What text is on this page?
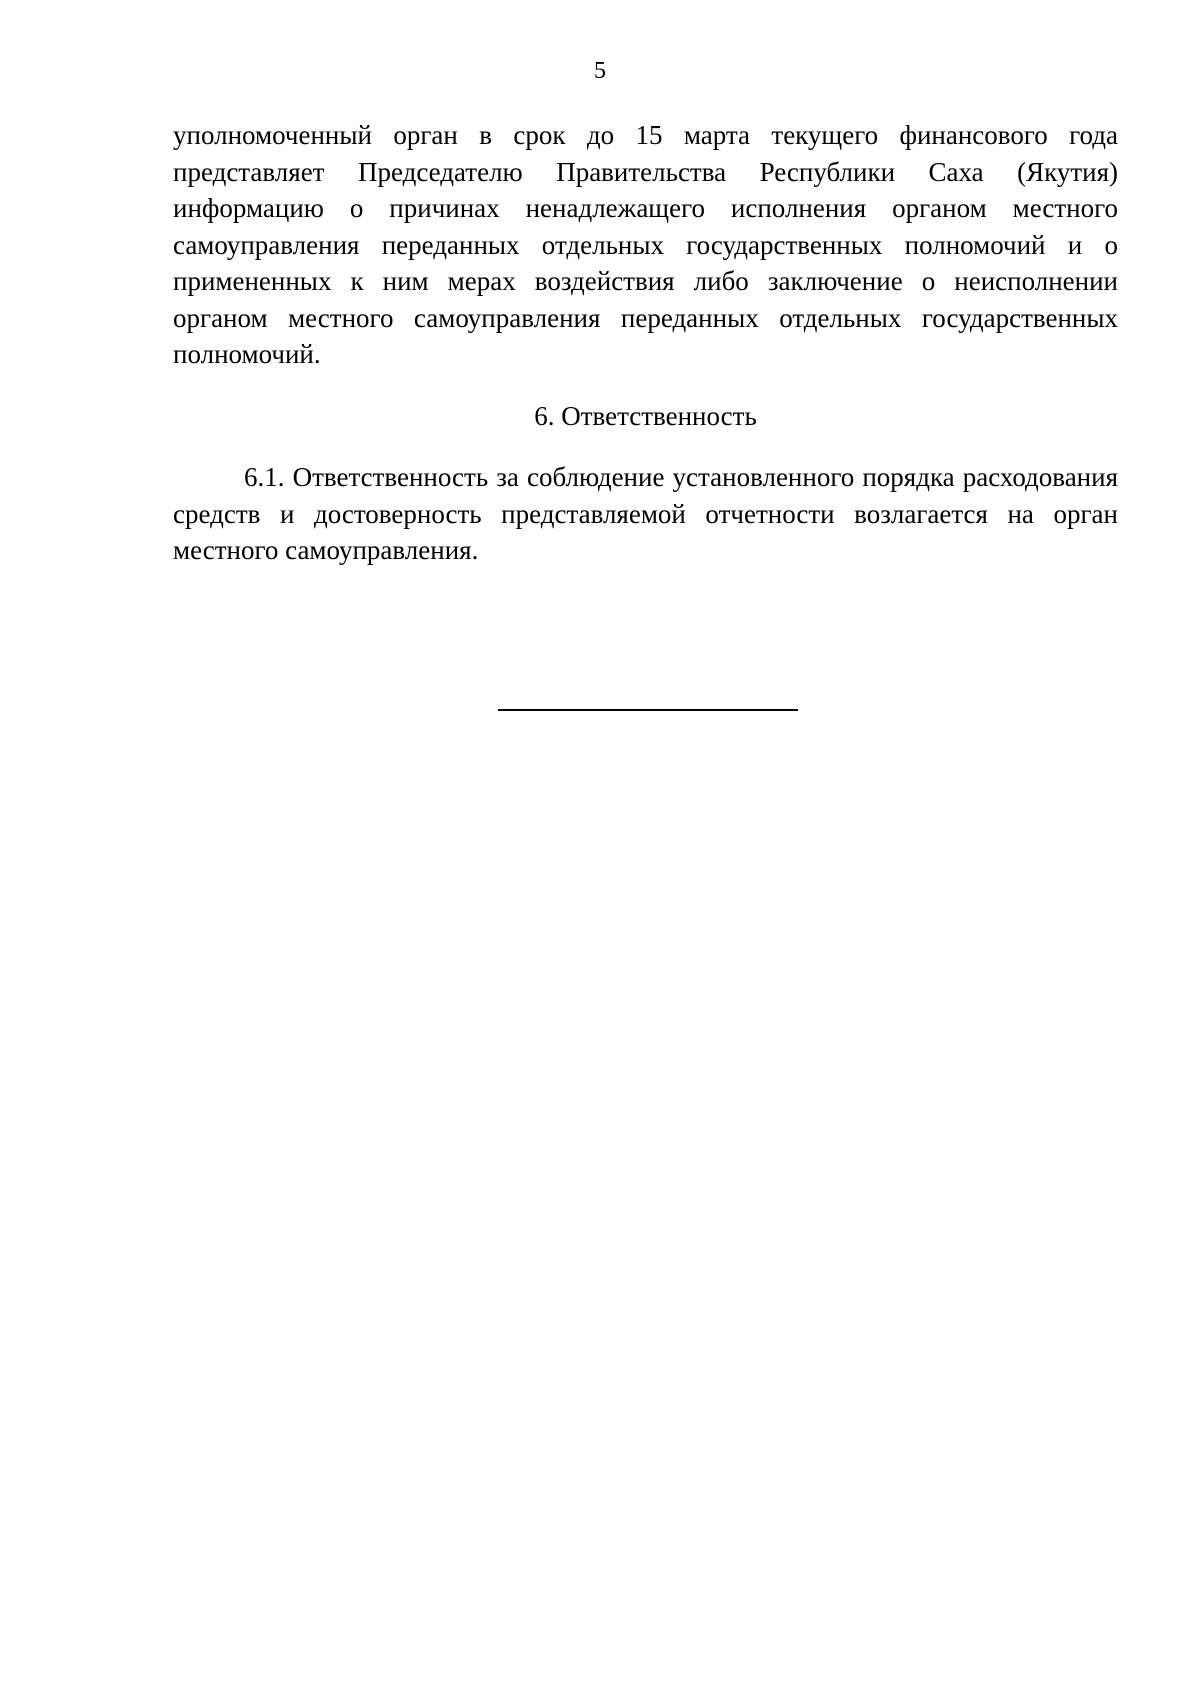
5

уполномоченный орган в срок до 15 марта текущего финансового года представляет Председателю Правительства Республики Саха (Якутия) информацию о причинах ненадлежащего исполнения органом местного самоуправления переданных отдельных государственных полномочий и о примененных к ним мерах воздействия либо заключение о неисполнении органом местного самоуправления переданных отдельных государственных полномочий.

6. Ответственность

6.1. Ответственность за соблюдение установленного порядка расходования средств и достоверность представляемой отчетности возлагается на орган местного самоуправления.
